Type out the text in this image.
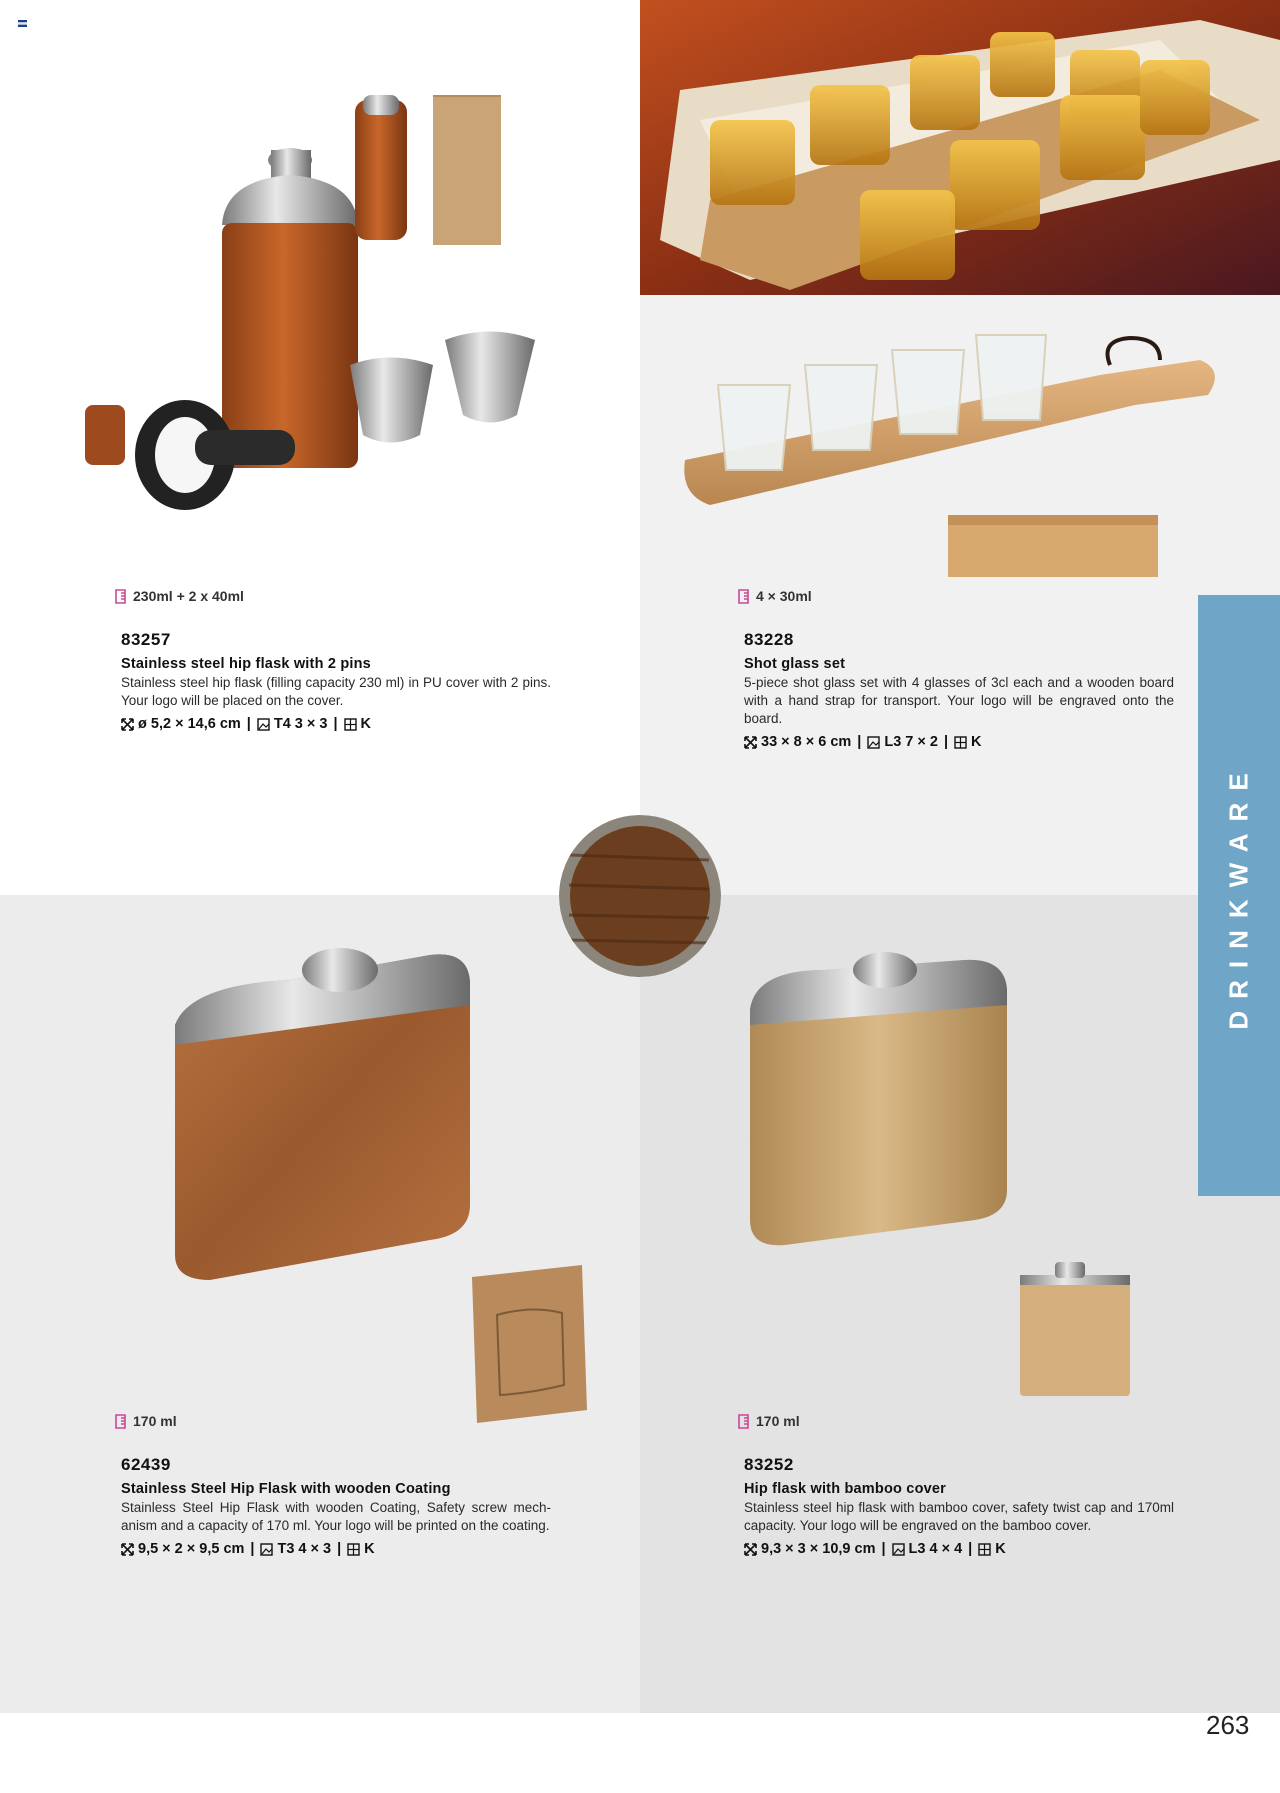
230ml + 2 x 40ml
83257
Stainless steel hip flask with 2 pins
Stainless steel hip flask (filling capacity 230 ml) in PU cover with 2 pins. Your logo will be placed on the cover.
ø 5,2 × 14,6 cm | T4 3 × 3 | K
4 × 30ml
83228
Shot glass set
5-piece shot glass set with 4 glasses of 3cl each and a wooden board with a hand strap for transport. Your logo will be engraved onto the board.
33 × 8 × 6 cm | L3 7 × 2 | K
170 ml
62439
Stainless Steel Hip Flask with wooden Coating
Stainless Steel Hip Flask with wooden Coating, Safety screw mech-anism and a capacity of 170 ml. Your logo will be printed on the coating.
9,5 × 2 × 9,5 cm | T3 4 × 3 | K
170 ml
83252
Hip flask with bamboo cover
Stainless steel hip flask with bamboo cover, safety twist cap and 170ml capacity. Your logo will be engraved on the bamboo cover.
9,3 × 3 × 10,9 cm | L3 4 × 4 | K
DRINKWARE
263
